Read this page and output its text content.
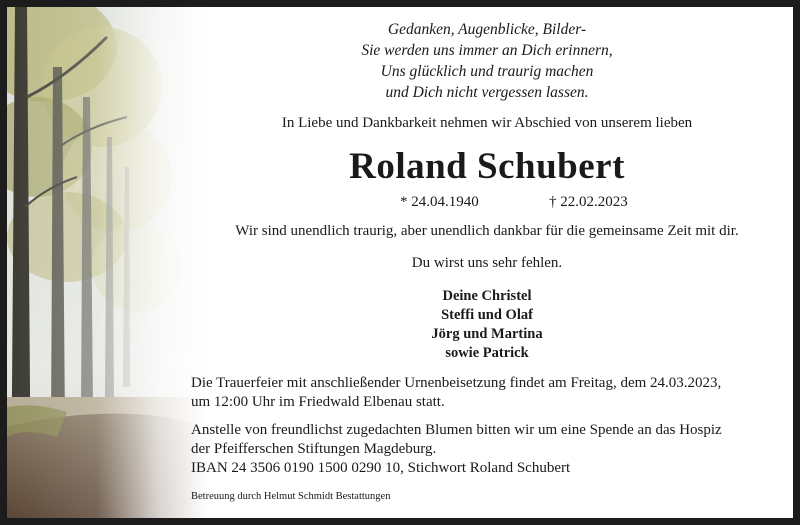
Gedanken, Augenblicke, Bilder-
Sie werden uns immer an Dich erinnern,
Uns glücklich und traurig machen
und Dich nicht vergessen lassen.
In Liebe und Dankbarkeit nehmen wir Abschied von unserem lieben
Roland Schubert
* 24.04.1940	† 22.02.2023
Wir sind unendlich traurig, aber unendlich dankbar für die gemeinsame Zeit mit dir.
Du wirst uns sehr fehlen.
Deine Christel
Steffi und Olaf
Jörg und Martina
sowie Patrick
Die Trauerfeier mit anschließender Urnenbeisetzung findet am Freitag, dem 24.03.2023,
um 12:00 Uhr im Friedwald Elbenau statt.
Anstelle von freundlichst zugedachten Blumen bitten wir um eine Spende an das Hospiz
der Pfeifferschen Stiftungen Magdeburg.
IBAN 24 3506 0190 1500 0290 10, Stichwort Roland Schubert
Betreuung durch Helmut Schmidt Bestattungen
